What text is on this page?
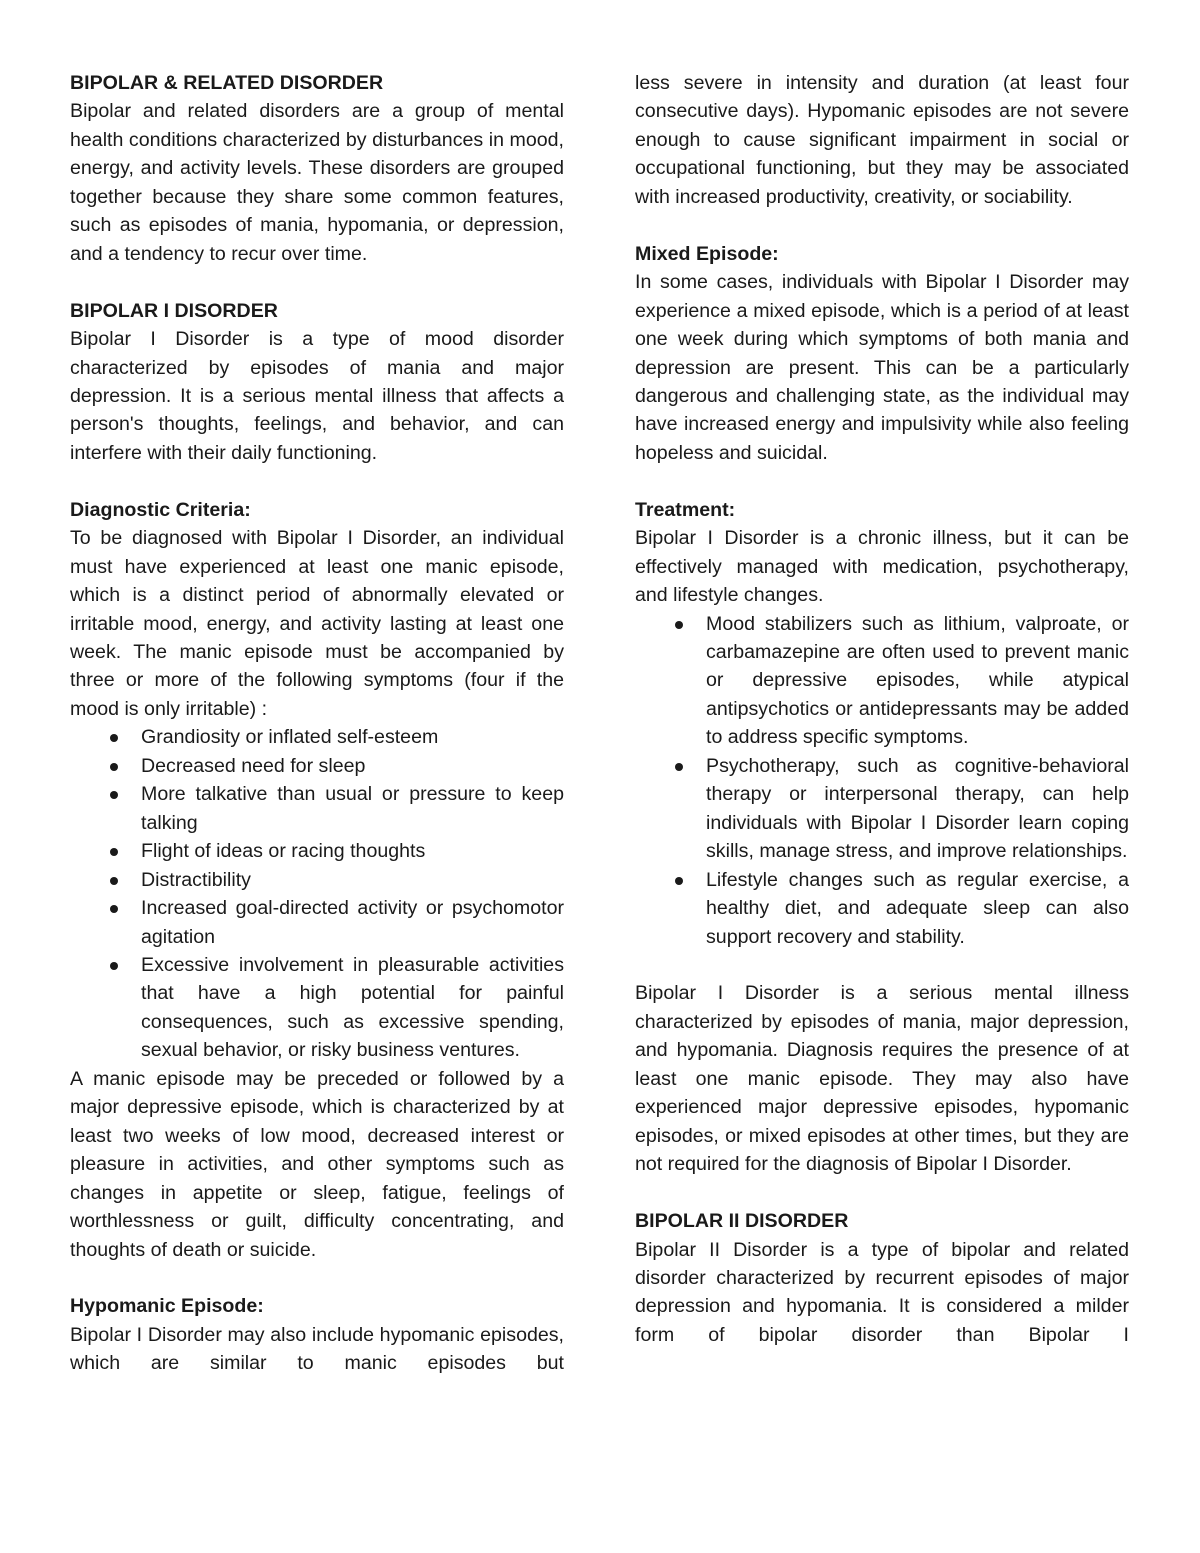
BIPOLAR & RELATED DISORDER

Bipolar and related disorders are a group of mental health conditions characterized by disturbances in mood, energy, and activity levels. These disorders are grouped together because they share some common features, such as episodes of mania, hypomania, or depression, and a tendency to recur over time.

BIPOLAR I DISORDER

Bipolar I Disorder is a type of mood disorder characterized by episodes of mania and major depression. It is a serious mental illness that affects a person's thoughts, feelings, and behavior, and can interfere with their daily functioning.

Diagnostic Criteria:

To be diagnosed with Bipolar I Disorder, an individual must have experienced at least one manic episode, which is a distinct period of abnormally elevated or irritable mood, energy, and activity lasting at least one week. The manic episode must be accompanied by three or more of the following symptoms (four if the mood is only irritable) :

Grandiosity or inflated self-esteem
Decreased need for sleep
More talkative than usual or pressure to keep talking
Flight of ideas or racing thoughts
Distractibility
Increased goal-directed activity or psychomotor agitation
Excessive involvement in pleasurable activities that have a high potential for painful consequences, such as excessive spending, sexual behavior, or risky business ventures.

A manic episode may be preceded or followed by a major depressive episode, which is characterized by at least two weeks of low mood, decreased interest or pleasure in activities, and other symptoms such as changes in appetite or sleep, fatigue, feelings of worthlessness or guilt, difficulty concentrating, and thoughts of death or suicide.

Hypomanic Episode:

Bipolar I Disorder may also include hypomanic episodes, which are similar to manic episodes but

less severe in intensity and duration (at least four consecutive days). Hypomanic episodes are not severe enough to cause significant impairment in social or occupational functioning, but they may be associated with increased productivity, creativity, or sociability.

Mixed Episode:

In some cases, individuals with Bipolar I Disorder may experience a mixed episode, which is a period of at least one week during which symptoms of both mania and depression are present. This can be a particularly dangerous and challenging state, as the individual may have increased energy and impulsivity while also feeling hopeless and suicidal.

Treatment:

Bipolar I Disorder is a chronic illness, but it can be effectively managed with medication, psychotherapy, and lifestyle changes.

Mood stabilizers such as lithium, valproate, or carbamazepine are often used to prevent manic or depressive episodes, while atypical antipsychotics or antidepressants may be added to address specific symptoms.
Psychotherapy, such as cognitive-behavioral therapy or interpersonal therapy, can help individuals with Bipolar I Disorder learn coping skills, manage stress, and improve relationships.
Lifestyle changes such as regular exercise, a healthy diet, and adequate sleep can also support recovery and stability.

Bipolar I Disorder is a serious mental illness characterized by episodes of mania, major depression, and hypomania. Diagnosis requires the presence of at least one manic episode. They may also have experienced major depressive episodes, hypomanic episodes, or mixed episodes at other times, but they are not required for the diagnosis of Bipolar I Disorder.

BIPOLAR II DISORDER

Bipolar II Disorder is a type of bipolar and related disorder characterized by recurrent episodes of major depression and hypomania. It is considered a milder form of bipolar disorder than Bipolar I
